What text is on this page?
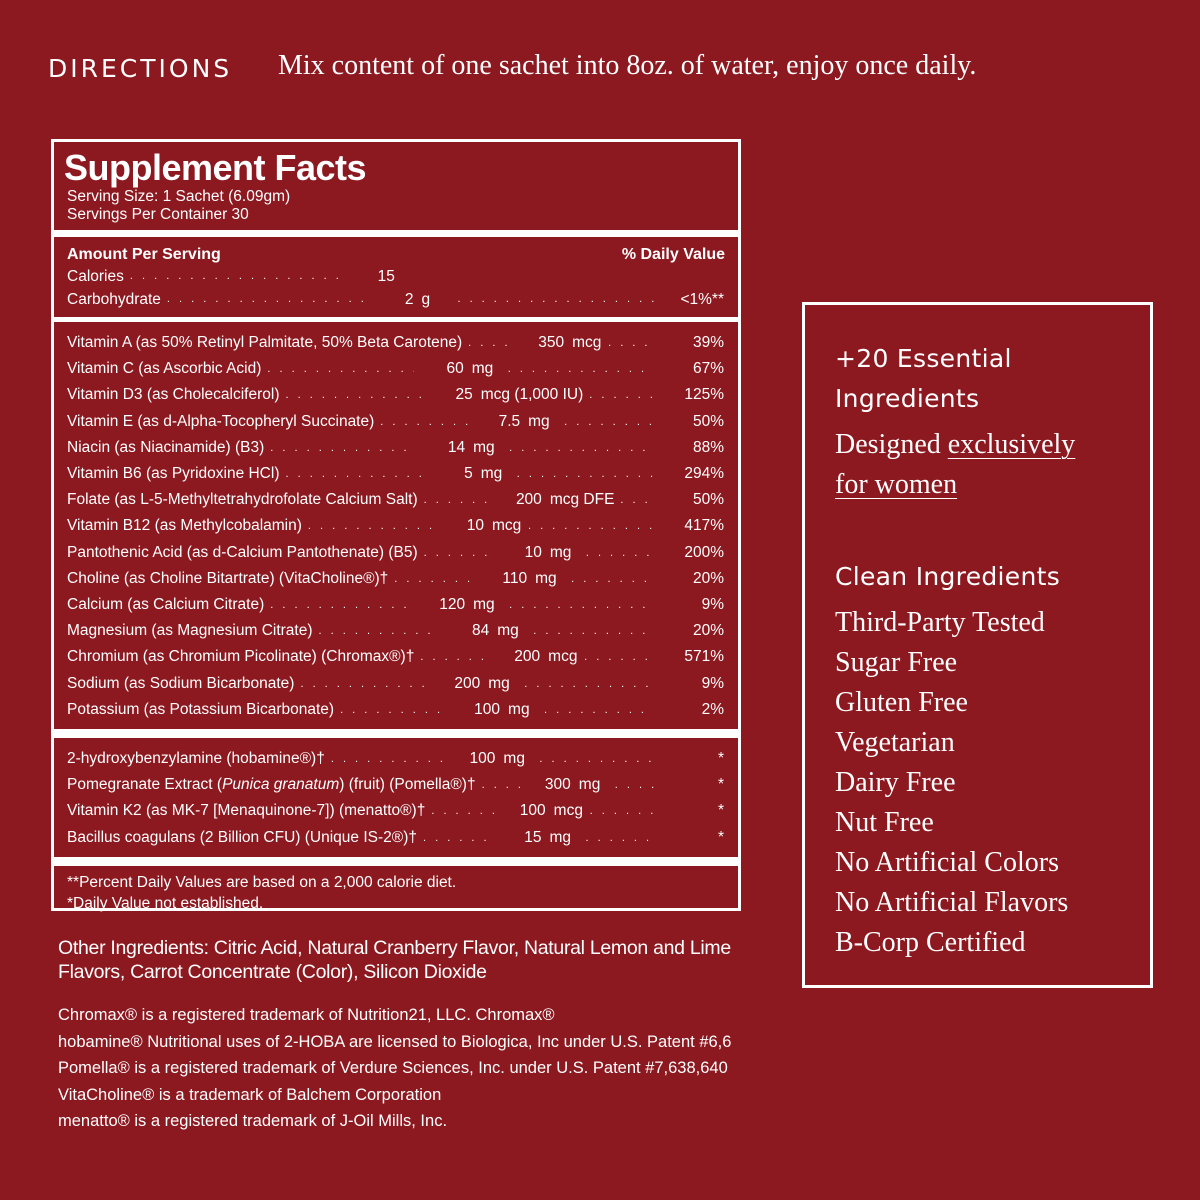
DIRECTIONS Mix content of one sachet into 8oz. of water, enjoy once daily.
Supplement Facts
Serving Size: 1 Sachet (6.09gm)
Servings Per Container 30
Amount Per Serving	% Daily Value
Calories . . .	15
Carbohydrate . . .	2 g . . .	<1%**
Vitamin A (as 50% Retinyl Palmitate, 50% Beta Carotene) . . .	350 mcg . . .	39%
Vitamin C (as Ascorbic Acid) . . .	60 mg . . .	67%
Vitamin D3 (as Cholecalciferol) . . .	25 mcg (1,000 IU) . . .	125%
Vitamin E (as d-Alpha-Tocopheryl Succinate) . . .	7.5 mg . . .	50%
Niacin (as Niacinamide) (B3) . . .	14 mg . . .	88%
Vitamin B6 (as Pyridoxine HCl) . . .	5 mg . . .	294%
Folate (as L-5-Methyltetrahydrofolate Calcium Salt) . . .	200 mcg DFE . . .	50%
Vitamin B12 (as Methylcobalamin) . . .	10 mcg . . .	417%
Pantothenic Acid (as d-Calcium Pantothenate) (B5) . . .	10 mg . . .	200%
Choline (as Choline Bitartrate) (VitaCholine®)† . . .	110 mg . . .	20%
Calcium (as Calcium Citrate) . . .	120 mg . . .	9%
Magnesium (as Magnesium Citrate) . . .	84 mg . . .	20%
Chromium (as Chromium Picolinate) (Chromax®)† . . .	200 mcg . . .	571%
Sodium (as Sodium Bicarbonate) . . .	200 mg . . .	9%
Potassium (as Potassium Bicarbonate) . . .	100 mg . . .	2%
2-hydroxybenzylamine (hobamine®)† . . .	100 mg . . .	*
Pomegranate Extract (Punica granatum) (fruit) (Pomella®)† . . .	300 mg . . .	*
Vitamin K2 (as MK-7 [Menaquinone-7]) (menatto®)† . . .	100 mcg . . .	*
Bacillus coagulans (2 Billion CFU) (Unique IS-2®)† . . .	15 mg . . .	*
**Percent Daily Values are based on a 2,000 calorie diet.
*Daily Value not established.
Other Ingredients: Citric Acid, Natural Cranberry Flavor, Natural Lemon and Lime Flavors, Carrot Concentrate (Color), Silicon Dioxide
Chromax® is a registered trademark of Nutrition21, LLC. Chromax®
hobamine® Nutritional uses of 2-HOBA are licensed to Biologica, Inc under U.S. Patent #6,6
Pomella® is a registered trademark of Verdure Sciences, Inc. under U.S. Patent #7,638,640
VitaCholine® is a trademark of Balchem Corporation
menatto® is a registered trademark of J-Oil Mills, Inc.
+20 Essential
Ingredients

Designed exclusively
for women

Clean Ingredients
Third-Party Tested
Sugar Free
Gluten Free
Vegetarian
Dairy Free
Nut Free
No Artificial Colors
No Artificial Flavors
B-Corp Certified
